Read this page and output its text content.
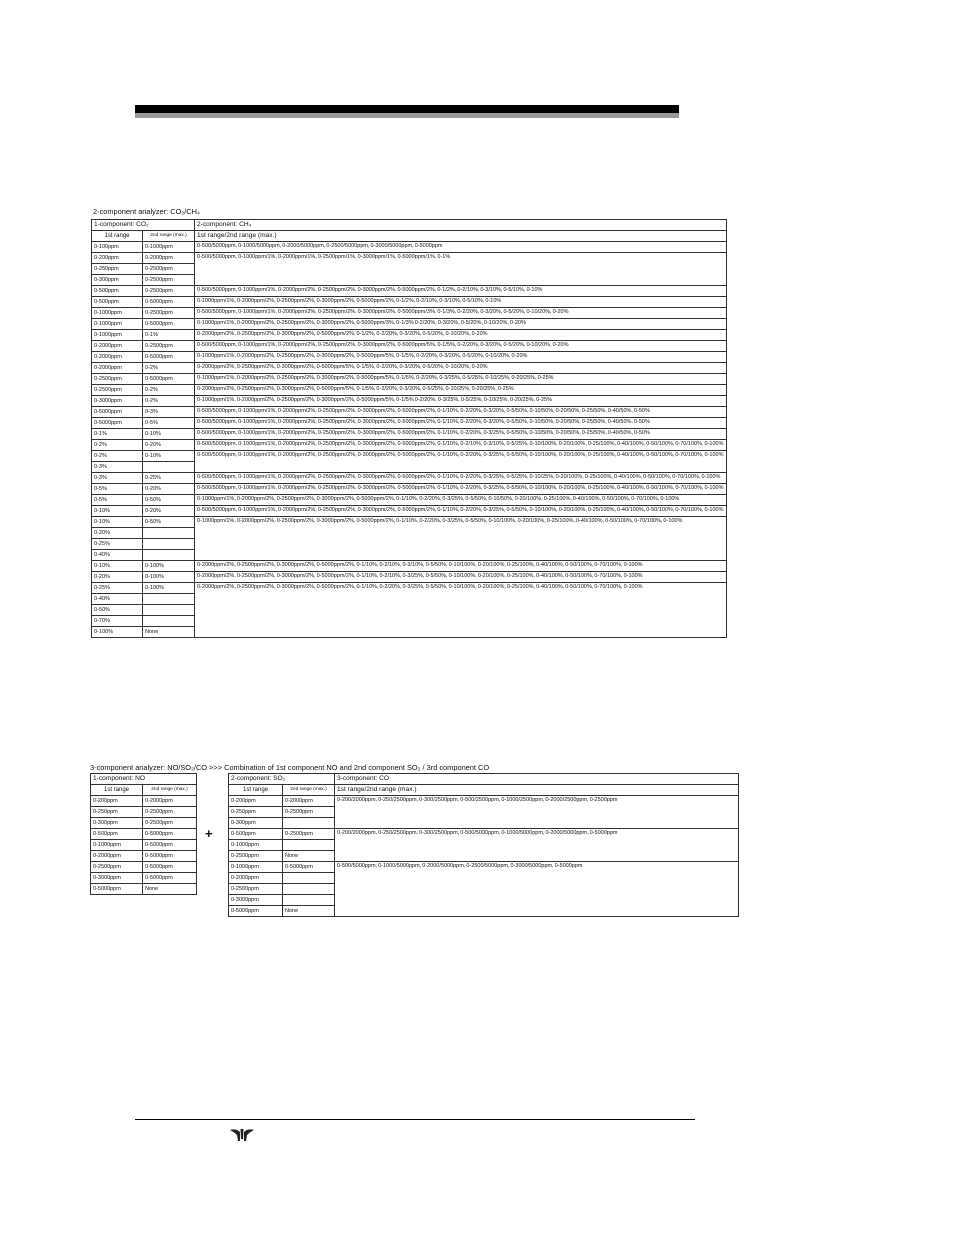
2-component analyzer: CO₂/CH₄
1-component: CO₂		2-component: CH₄
1st range	2nd range (max.)	1st range/2nd range (max.)
0-100ppm	0-1000ppm	0-500/5000ppm, 0-1000/5000ppm, 0-2000/5000ppm, 0-2500/5000ppm, 0-3000/5000ppm, 0-5000ppm
0-200ppm	0-2000ppm	0-500/5000ppm, 0-1000ppm/1%, 0-2000ppm/1%, 0-2500ppm/1%, 0-3000ppm/1%, 0-5000ppm/1%, 0-1%
0-250ppm	0-2500ppm	
0-300ppm	0-2500ppm	
0-500ppm	0-2500ppm	0-500/5000ppm, 0-1000ppm/1%, 0-2000ppm/2%, 0-2500ppm/2%, 0-3000ppm/2%, 0-5000ppm/2%, 0-1/2%, 0-2/10%, 0-3/10%, 0-5/10%, 0-10%
0-500ppm	0-5000ppm	0-1000ppm/1%, 0-2000ppm/2%, 0-2500ppm/2%, 0-3000ppm/2%, 0-5000ppm/2%, 0-1/2%, 0-2/10%, 0-3/10%, 0-5/10%, 0-10%
0-1000ppm	0-2500ppm	0-500/5000ppm, 0-1000ppm/1%, 0-2000ppm/2%, 0-2500ppm/2%, 0-3000ppm/2%, 0-5000ppm/3%, 0-1/3%, 0-2/20%, 0-3/20%, 0-5/20%, 0-10/20%, 0-20%
0-1000ppm	0-5000ppm	0-1000ppm/1%, 0-2000ppm/2%, 0-2500ppm/2%, 0-3000ppm/2%, 0-5000ppm/3%, 0-1/3% 0-2/20%, 0-3/20%, 0-5/20%, 0-10/20%, 0-20%
0-1000ppm	0-1%	0-2000ppm/2%, 0-2500ppm/2%, 0-3000ppm/2%, 0-5000ppm/2%, 0-1/2%, 0-2/20%, 0-3/20%, 0-5/20%, 0-10/20%, 0-20%
0-2000ppm	0-2500ppm	0-500/5000ppm, 0-1000ppm/1%, 0-2000ppm/2%, 0-2500ppm/2%, 0-3000ppm/2%, 0-5000ppm/5%, 0-1/5%, 0-2/20%, 0-3/20%, 0-5/20%, 0-10/20%, 0-20%
0-2000ppm	0-5000ppm	0-1000ppm/1%, 0-2000ppm/2%, 0-2500ppm/2%, 0-3000ppm/2%, 0-5000ppm/5%, 0-1/5%, 0-2/20%, 0-3/20%, 0-5/20%, 0-10/20%, 0-20%
0-2000ppm	0-2%	0-2000ppm/2%, 0-2500ppm/2%, 0-3000ppm/2%, 0-5000ppm/5%, 0-1/5%, 0-2/20%, 0-3/20%, 0-5/20%, 0-10/20%, 0-20%
0-2500ppm	0-5000ppm	0-1000ppm/1%, 0-2000ppm/2%, 0-2500ppm/2%, 0-3000ppm/2%, 0-5000ppm/5%, 0-1/5%, 0-2/20%, 0-3/25%, 0-5/25%, 0-10/25%, 0-20/25%, 0-25%
0-2500ppm	0-2%	0-2000ppm/2%, 0-2500ppm/2%, 0-3000ppm/2%, 0-5000ppm/5%, 0-1/5%, 0-2/20%, 0-3/20%, 0-5/25%, 0-10/25%, 0-20/25%, 0-25%
0-3000ppm	0-2%	0-1000ppm/1%, 0-2000ppm/2%, 0-2500ppm/2%, 0-3000ppm/2%, 0-5000ppm/5%, 0-1/5% 0-2/20%, 0-3/25%, 0-5/25%, 0-10/25%, 0-20/25%, 0-25%
0-5000ppm	0-3%	0-500/5000ppm, 0-1000ppm/1%, 0-2000ppm/2%, 0-2500ppm/2%, 0-3000ppm/2%, 0-5000ppm/2%, 0-1/10%, 0-2/20%, 0-3/20%, 0-5/50%, 0-10/50%, 0-20/50%, 0-25/50%, 0-40/50%, 0-50%
0-5000ppm	0-5%	0-500/5000ppm, 0-1000ppm/1%, 0-2000ppm/2%, 0-2500ppm/2%, 0-3000ppm/2%, 0-5000ppm/2%, 0-1/10%, 0-2/20%, 0-3/20%, 0-5/50%, 0-10/50%, 0-20/50%, 0-25/50%, 0-40/50%, 0-50%
0-1%	0-10%	0-500/5000ppm, 0-1000ppm/1%, 0-2000ppm/2%, 0-2500ppm/2%, 0-3000ppm/2%, 0-5000ppm/2%, 0-1/10%, 0-2/20%, 0-3/25%, 0-5/50%, 0-10/50%, 0-20/50%, 0-25/50%, 0-40/50%, 0-50%
0-2%	0-20%	0-500/5000ppm, 0-1000ppm/1%, 0-2000ppm/2%, 0-2500ppm/2%, 0-3000ppm/2%, 0-5000ppm/2%, 0-1/10%, 0-2/10%, 0-3/10%, 0-5/25%, 0-10/100%, 0-20/100%, 0-25/100%, 0-40/100%, 0-50/100%, 0-70/100%, 0-100%
0-2%	0-10%	0-500/5000ppm, 0-1000ppm/1%, 0-2000ppm/2%, 0-2500ppm/2%, 0-3000ppm/2%, 0-5000ppm/2%, 0-1/10%, 0-2/20%, 0-3/25%, 0-5/50%, 0-10/100%, 0-20/100%, 0-25/100%, 0-40/100%, 0-50/100%, 0-70/100%, 0-100%
0-3%		
0-3%	0-25%	0-500/5000ppm, 0-1000ppm/1%, 0-2000ppm/2%, 0-2500ppm/2%, 0-3000ppm/2%, 0-5000ppm/2%, 0-1/10%, 0-2/20%, 0-3/25%, 0-5/25%, 0-10/25%, 0-20/100%, 0-25/100%, 0-40/100%, 0-50/100%, 0-70/100%, 0-100%
0-5%	0-20%	0-500/5000ppm, 0-1000ppm/1%, 0-2000ppm/2%, 0-2500ppm/2%, 0-3000ppm/2%, 0-5000ppm/2%, 0-1/10%, 0-2/20%, 0-3/25%, 0-5/50%, 0-10/100%, 0-20/100%, 0-25/100%, 0-40/100%, 0-50/100%, 0-70/100%, 0-100%
0-5%	0-50%	0-1000ppm/1%, 0-2000ppm/2%, 0-2500ppm/2%, 0-3000ppm/2%, 0-5000ppm/2%, 0-1/10%, 0-2/20%, 0-3/25%, 0-5/50%, 0-10/50%, 0-20/100%, 0-25/100%, 0-40/100%, 0-50/100%, 0-70/100%, 0-100%
0-10%	0-20%	0-500/5000ppm, 0-1000ppm/1%, 0-2000ppm/2%, 0-2500ppm/2%, 0-3000ppm/2%, 0-5000ppm/2%, 0-1/10%, 0-2/20%, 0-3/25%, 0-5/50%, 0-10/100%, 0-20/100%, 0-25/100%, 0-40/100%, 0-50/100%, 0-70/100%, 0-100%
0-10%	0-50%	0-1000ppm/1%, 0-2000ppm/2%, 0-2500ppm/2%, 0-3000ppm/2%, 0-5000ppm/2%, 0-1/10%, 0-2/20%, 0-3/25%, 0-5/50%, 0-10/100%, 0-20/100%, 0-25/100%, 0-40/100%, 0-50/100%, 0-70/100%, 0-100%
0-20%		
0-25%		
0-40%		
0-10%	0-100%	0-2000ppm/2%, 0-2500ppm/2%, 0-3000ppm/2%, 0-5000ppm/2%, 0-1/10%, 0-2/10%, 0-3/10%, 0-5/50%, 0-10/100%, 0-20/100%, 0-25/100%, 0-40/100%, 0-50/100%, 0-70/100%, 0-100%
0-20%	0-100%	0-2000ppm/2%, 0-2500ppm/2%, 0-3000ppm/2%, 0-5000ppm/2%, 0-1/10%, 0-2/10%, 0-3/25%, 0-5/50%, 0-10/100%, 0-20/100%, 0-25/100%, 0-40/100%, 0-50/100%, 0-70/100%, 0-100%
0-25%	0-100%	0-2000ppm/2%, 0-2500ppm/2%, 0-3000ppm/2%, 0-5000ppm/2%, 0-1/10%, 0-2/20%, 0-3/25%, 0-5/50%, 0-10/100%, 0-20/100%, 0-25/100%, 0-40/100%, 0-50/100%, 0-70/100%, 0-100%
0-40%		
0-50%		
0-70%		
0-100%	None	
3-component analyzer: NO/SO₂/CO >>> Combination of 1st component NO and 2nd component SO₂ / 3rd component CO
1-component: NO	
1st range	2nd range (max.)
0-200ppm	0-2000ppm
0-250ppm	0-2500ppm
0-300ppm	0-2500ppm
0-500ppm	0-5000ppm
0-1000ppm	0-5000ppm
0-2000ppm	0-5000ppm
0-2500ppm	0-5000ppm
0-3000ppm	0-5000ppm
0-5000ppm	None
+
2-component: SO₂		3-component: CO
1st range	2nd range (max.)	1st range/2nd range (max.)
0-200ppm	0-2000ppm	0-200/2000ppm, 0-250/2500ppm, 0-300/2500ppm, 0-500/2500ppm, 0-1000/2500ppm, 0-2000/2500ppm, 0-2500ppm
0-250ppm	0-2500ppm	
0-300ppm		
0-500ppm	0-2500ppm	0-200/2000ppm, 0-250/2500ppm, 0-300/2500ppm, 0-500/5000ppm, 0-1000/5000ppm, 0-2000/5000ppm, 0-5000ppm
0-1000ppm		
0-2500ppm	None	
0-1000ppm	0-5000ppm	0-500/5000ppm, 0-1000/5000ppm, 0-2000/5000ppm, 0-2500/5000ppm, 0-3000/5000ppm, 0-5000ppm
0-2000ppm		
0-2500ppm		
0-3000ppm		
0-5000ppm	None	
